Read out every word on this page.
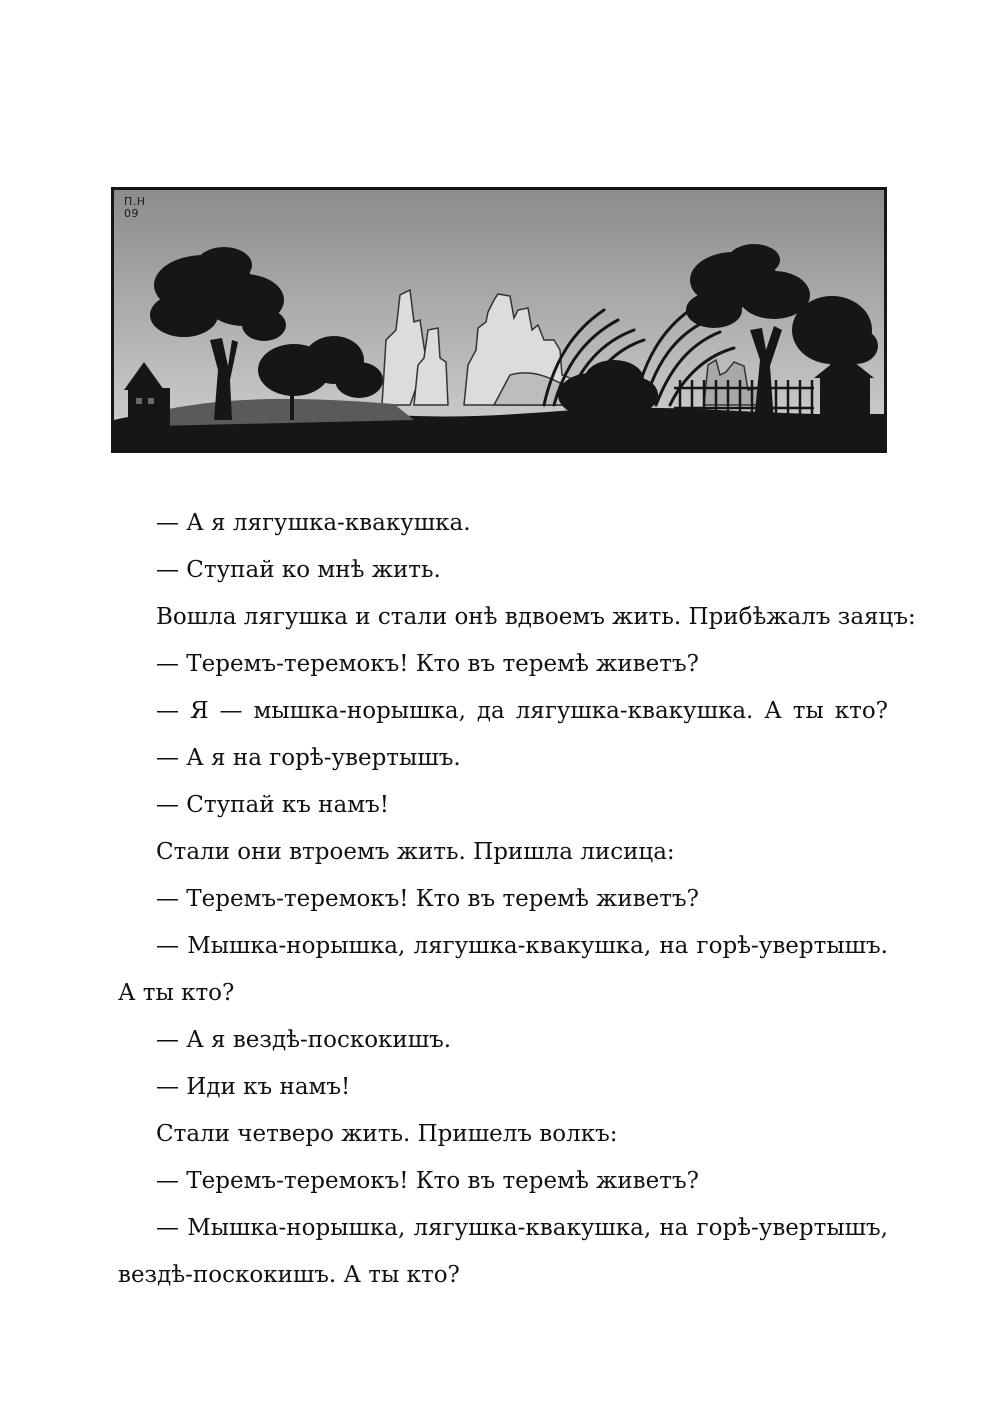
П.Н
09
— А я лягушка-квакушка.
— Ступай ко мнѣ жить.
Вошла лягушка и стали онѣ вдвоемъ жить. Прибѣжалъ заяцъ:
— Теремъ-теремокъ! Кто въ теремѣ живетъ?
— Я — мышка-норышка, да лягушка-квакушка. А ты кто?
— А я на горѣ-увертышъ.
— Ступай къ намъ!
Стали они втроемъ жить. Пришла лисица:
— Теремъ-теремокъ! Кто въ теремѣ живетъ?
— Мышка-норышка, лягушка-квакушка, на горѣ-увертышъ.
А ты кто?
— А я вездѣ-поскокишъ.
— Иди къ намъ!
Стали четверо жить. Пришелъ волкъ:
— Теремъ-теремокъ! Кто въ теремѣ живетъ?
— Мышка-норышка, лягушка-квакушка, на горѣ-увертышъ,
вездѣ-поскокишъ. А ты кто?
